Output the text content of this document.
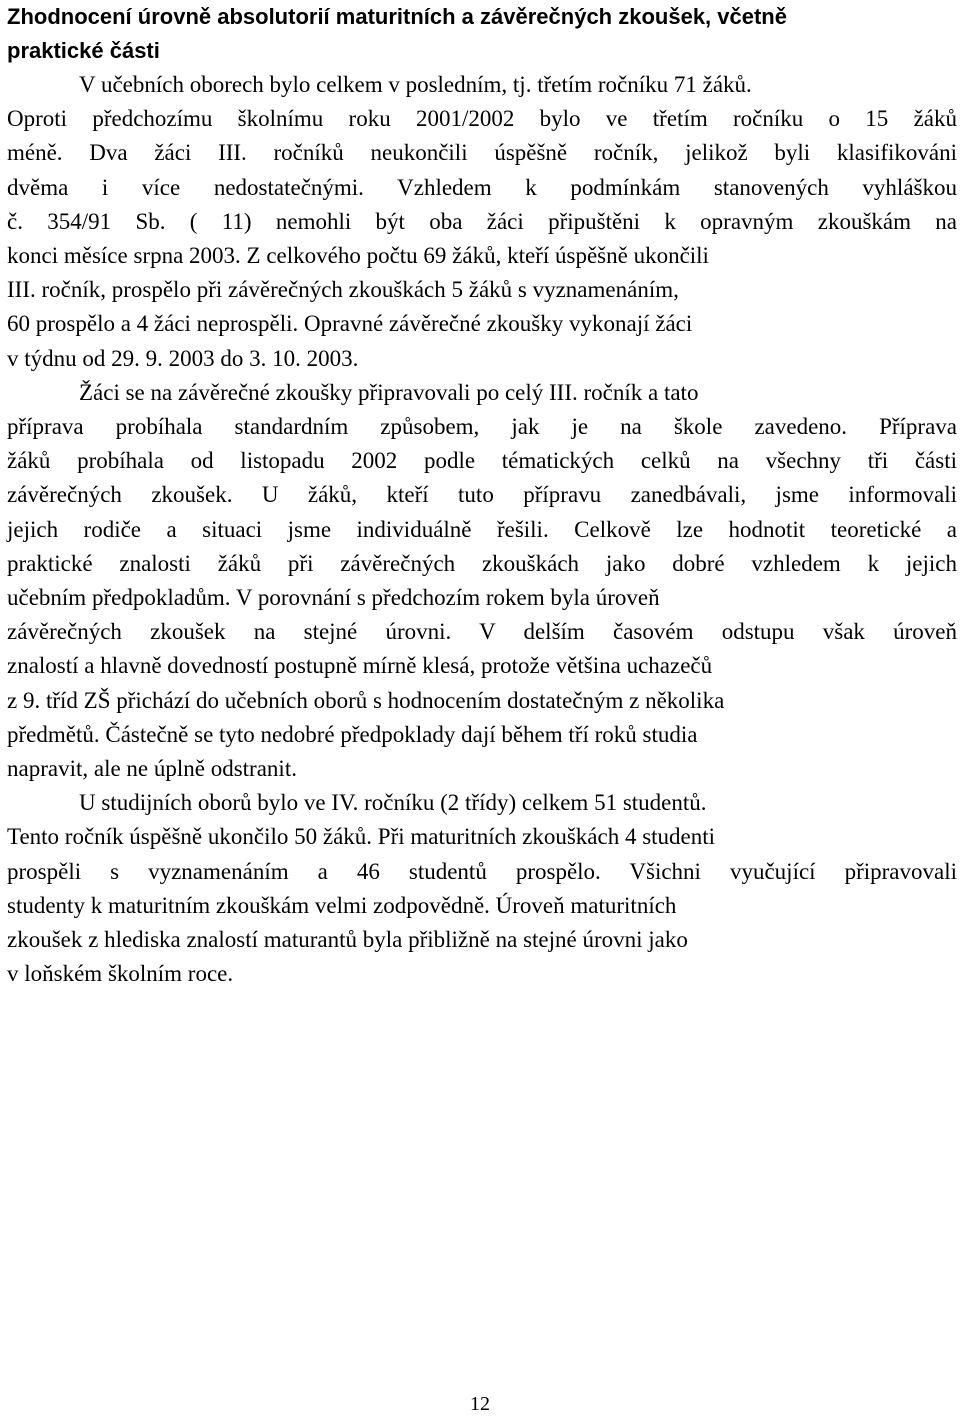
Zhodnocení úrovně absolutorií maturitních a závěrečných zkoušek, včetně
praktické části

V učebních oborech bylo celkem v posledním, tj. třetím ročníku 71 žáků.
Oproti předchozímu školnímu roku 2001/2002 bylo ve třetím ročníku o 15 žáků
méně. Dva žáci III. ročníků neukončili úspěšně ročník, jelikož byli klasifikováni
dvěma i více nedostatečnými. Vzhledem k podmínkám stanovených vyhláškou
č. 354/91 Sb. ( 11) nemohli být oba žáci připuštěni k opravným zkouškám na
konci měsíce srpna 2003. Z celkového počtu 69 žáků, kteří úspěšně ukončili
III. ročník, prospělo při závěrečných zkouškách 5 žáků s vyznamenáním,
60 prospělo a 4 žáci neprospěli. Opravné závěrečné zkoušky vykonají žáci
v týdnu od 29. 9. 2003 do 3. 10. 2003.

Žáci se na závěrečné zkoušky připravovali po celý III. ročník a tato
příprava probíhala standardním způsobem, jak je na škole zavedeno. Příprava
žáků probíhala od listopadu 2002 podle tématických celků na všechny tři části
závěrečných zkoušek. U žáků, kteří tuto přípravu zanedbávali, jsme informovali
jejich rodiče a situaci jsme individuálně řešili. Celkově lze hodnotit teoretické a
praktické znalosti žáků při závěrečných zkouškách jako dobré vzhledem k jejich
učebním předpokladům. V porovnání s předchozím rokem byla úroveň
závěrečných zkoušek na stejné úrovni. V delším časovém odstupu však úroveň
znalostí a hlavně dovedností postupně mírně klesá, protože většina uchazečů
z 9. tříd ZŠ přichází do učebních oborů s hodnocením dostatečným z několika
předmětů. Částečně se tyto nedobré předpoklady dají během tří roků studia
napravit, ale ne úplně odstranit.

U studijních oborů bylo ve IV. ročníku (2 třídy) celkem 51 studentů.
Tento ročník úspěšně ukončilo 50 žáků. Při maturitních zkouškách 4 studenti
prospěli s vyznamenáním a 46 studentů prospělo. Všichni vyučující připravovali
studenty k maturitním zkouškám velmi zodpovědně. Úroveň maturitních
zkoušek z hlediska znalostí maturantů byla přibližně na stejné úrovni jako
v loňském školním roce.

12
